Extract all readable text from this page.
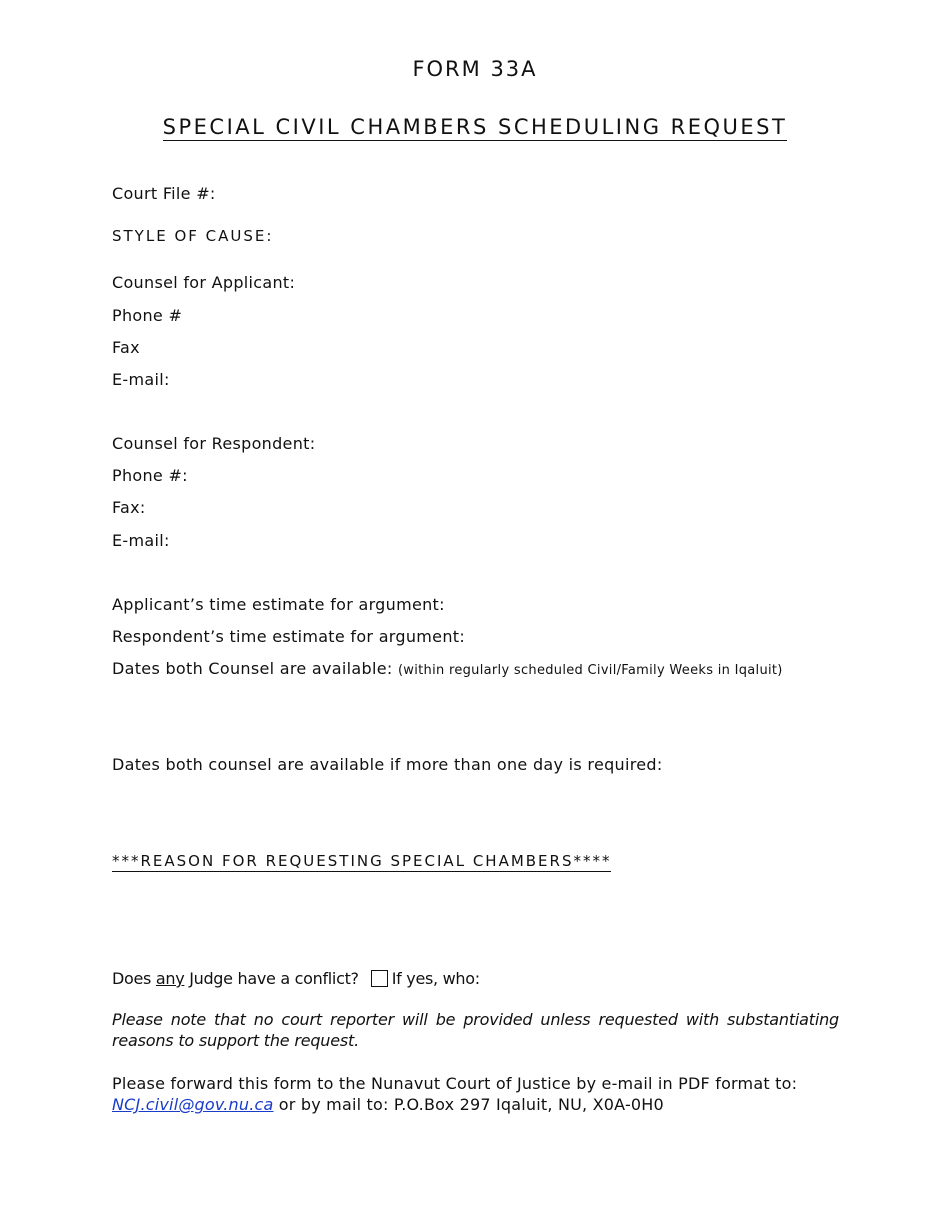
FORM 33A
SPECIAL CIVIL CHAMBERS SCHEDULING REQUEST
Court File #:
STYLE OF CAUSE:
Counsel for Applicant:
Phone #
Fax
E-mail:
Counsel for Respondent:
Phone #:
Fax:
E-mail:
Applicant’s time estimate for argument:
Respondent’s time estimate for argument:
Dates both Counsel are available: (within regularly scheduled Civil/Family Weeks in Iqaluit)
Dates both counsel are available if more than one day is required:
***REASON FOR REQUESTING SPECIAL CHAMBERS****
Does any Judge have a conflict? If yes, who:
Please note that no court reporter will be provided unless requested with substantiating reasons to support the request.
Please forward this form to the Nunavut Court of Justice by e-mail in PDF format to:
NCJ.civil@gov.nu.ca or by mail to: P.O.Box 297 Iqaluit, NU, X0A-0H0
